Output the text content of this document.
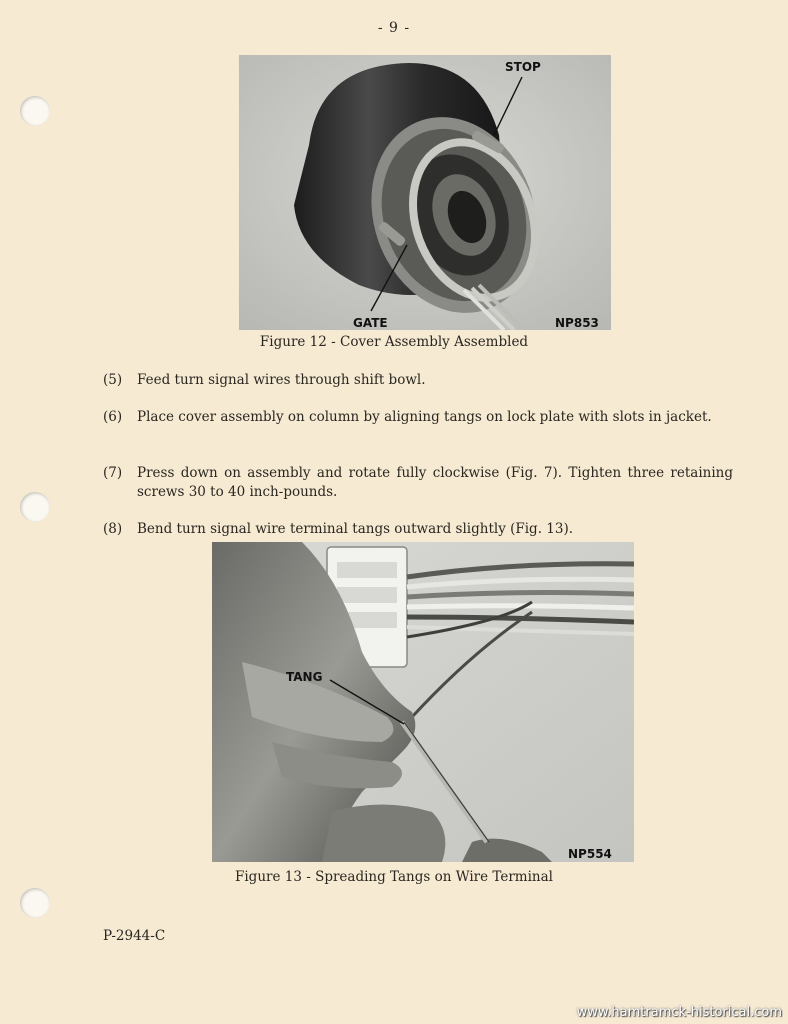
- 9 -
STOP
GATE	NP853
Figure 12 - Cover Assembly Assembled
(5)	Feed turn signal wires through shift bowl.
(6)	Place cover assembly on column by aligning tangs on lock plate with slots in jacket.
(7)	Press down on assembly and rotate fully clockwise (Fig. 7). Tighten three retaining screws 30 to 40 inch-pounds.
(8)	Bend turn signal wire terminal tangs outward slightly (Fig. 13).
TANG
NP554
Figure 13 - Spreading Tangs on Wire Terminal
P-2944-C
www.hamtramck-historical.com
